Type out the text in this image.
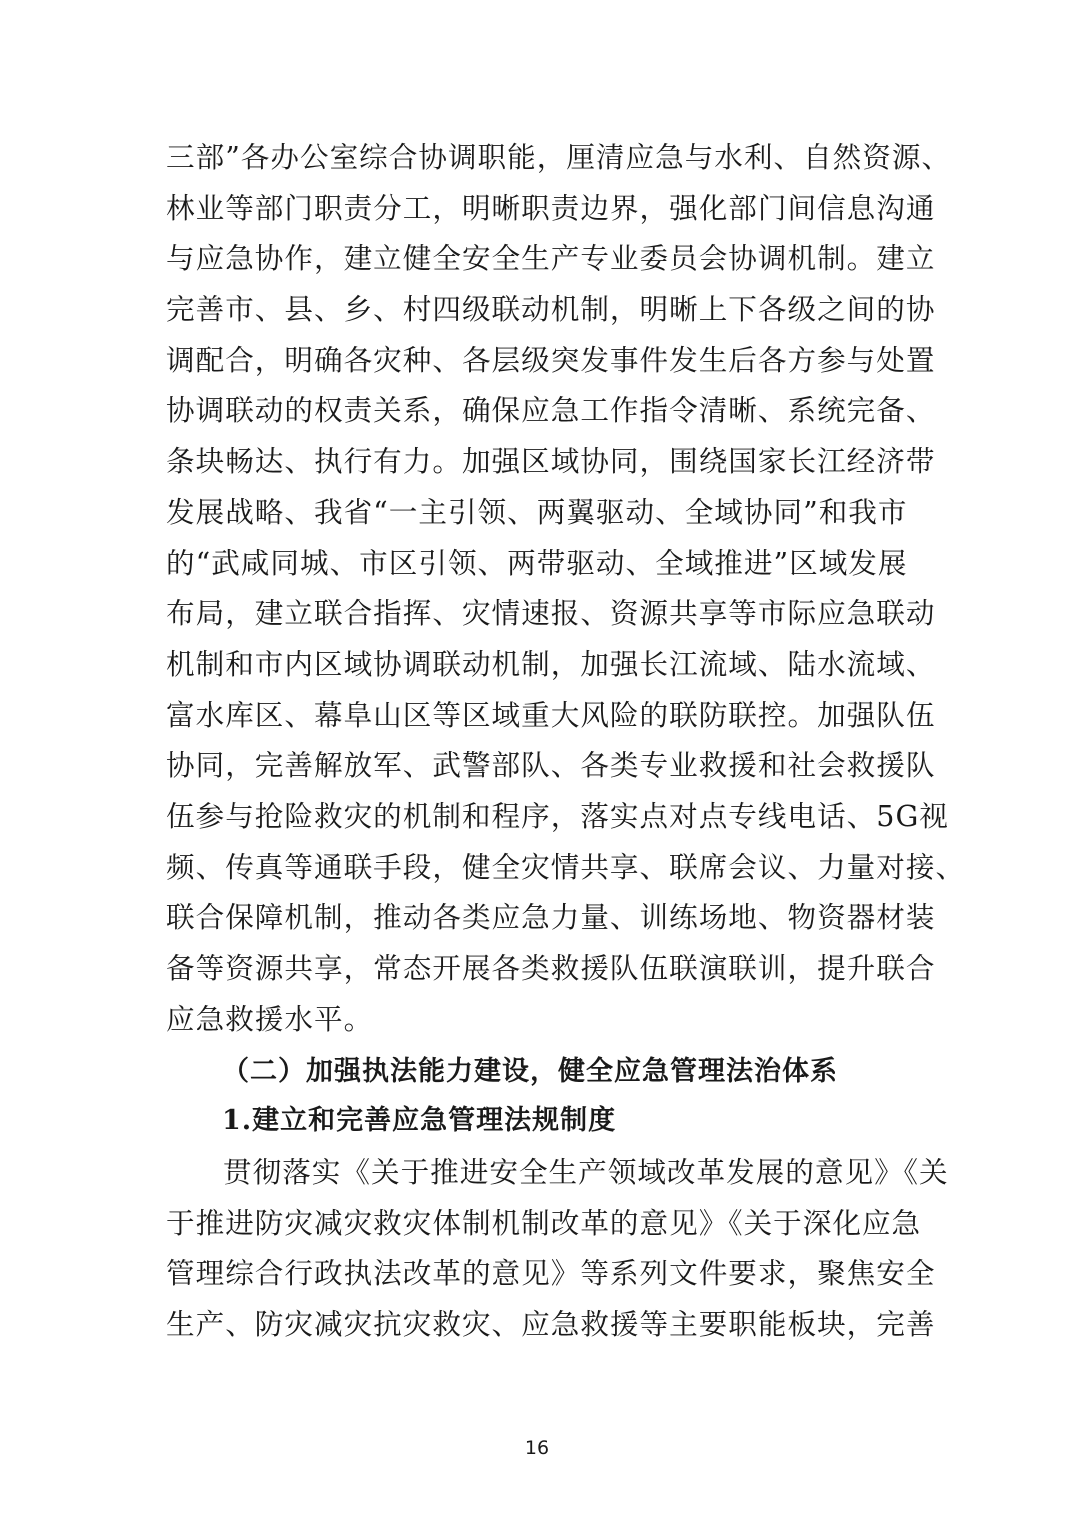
三部”各办公室综合协调职能，厘清应急与水利、自然资源、
林业等部门职责分工，明晰职责边界，强化部门间信息沟通
与应急协作，建立健全安全生产专业委员会协调机制。建立
完善市、县、乡、村四级联动机制，明晰上下各级之间的协
调配合，明确各灾种、各层级突发事件发生后各方参与处置
协调联动的权责关系，确保应急工作指令清晰、系统完备、
条块畅达、执行有力。加强区域协同，围绕国家长江经济带
发展战略、我省“一主引领、两翼驱动、全域协同”和我市
的“武咸同城、市区引领、两带驱动、全域推进”区域发展
布局，建立联合指挥、灾情速报、资源共享等市际应急联动
机制和市内区域协调联动机制，加强长江流域、陆水流域、
富水库区、幕阜山区等区域重大风险的联防联控。加强队伍
协同，完善解放军、武警部队、各类专业救援和社会救援队
伍参与抢险救灾的机制和程序，落实点对点专线电话、5G视
频、传真等通联手段，健全灾情共享、联席会议、力量对接、
联合保障机制，推动各类应急力量、训练场地、物资器材装
备等资源共享，常态开展各类救援队伍联演联训，提升联合
应急救援水平。
（二）加强执法能力建设，健全应急管理法治体系
1.建立和完善应急管理法规制度
贯彻落实《关于推进安全生产领域改革发展的意见》《关
于推进防灾减灾救灾体制机制改革的意见》《关于深化应急
管理综合行政执法改革的意见》等系列文件要求，聚焦安全
生产、防灾减灾抗灾救灾、应急救援等主要职能板块，完善
16
